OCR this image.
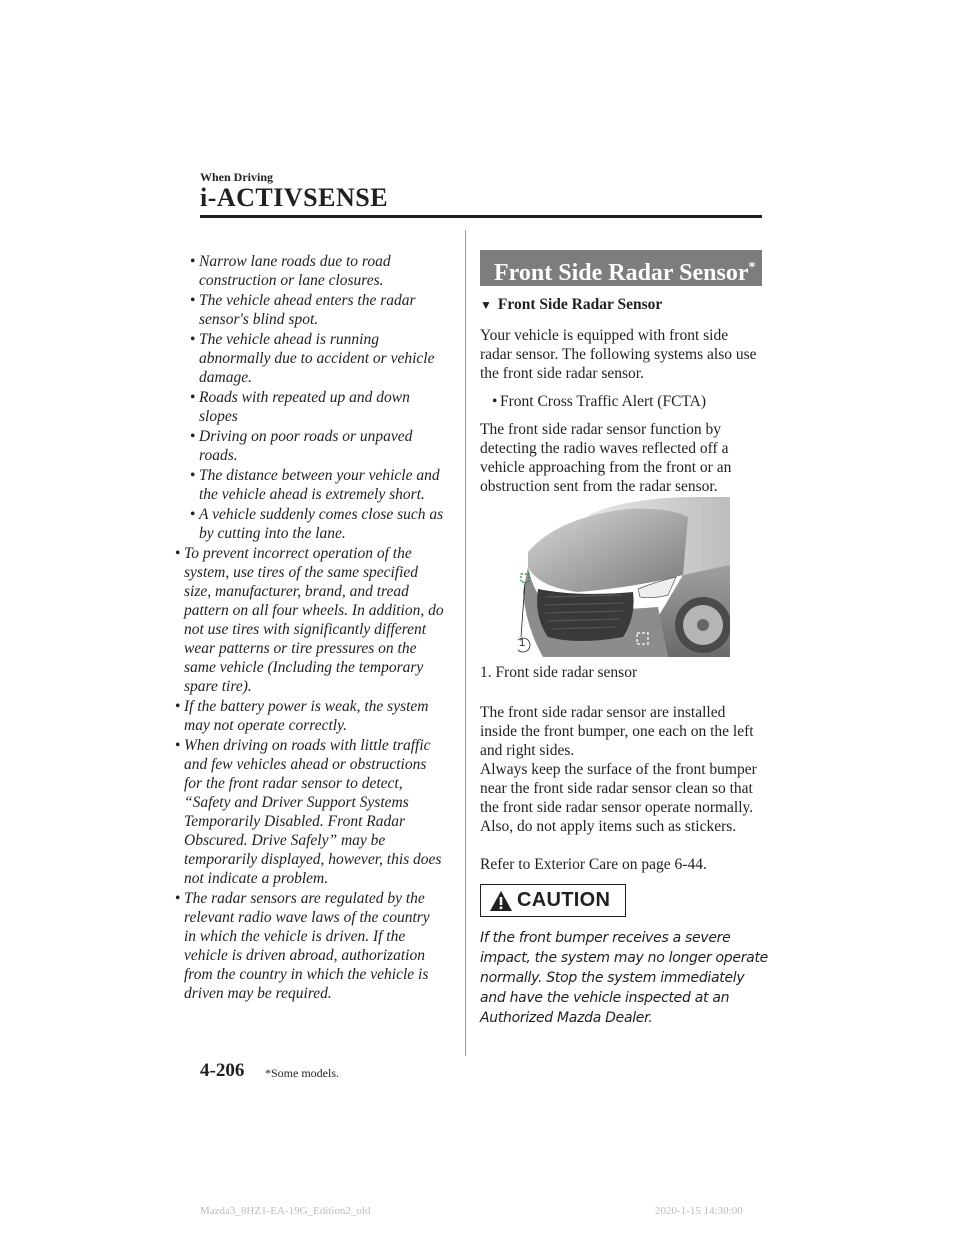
When Driving
i-ACTIVSENSE
• Narrow lane roads due to road construction or lane closures.
• The vehicle ahead enters the radar sensor's blind spot.
• The vehicle ahead is running abnormally due to accident or vehicle damage.
• Roads with repeated up and down slopes
• Driving on poor roads or unpaved roads.
• The distance between your vehicle and the vehicle ahead is extremely short.
• A vehicle suddenly comes close such as by cutting into the lane.
• To prevent incorrect operation of the system, use tires of the same specified size, manufacturer, brand, and tread pattern on all four wheels. In addition, do not use tires with significantly different wear patterns or tire pressures on the same vehicle (Including the temporary spare tire).
• If the battery power is weak, the system may not operate correctly.
• When driving on roads with little traffic and few vehicles ahead or obstructions for the front radar sensor to detect, “Safety and Driver Support Systems Temporarily Disabled. Front Radar Obscured. Drive Safely” may be temporarily displayed, however, this does not indicate a problem.
• The radar sensors are regulated by the relevant radio wave laws of the country in which the vehicle is driven. If the vehicle is driven abroad, authorization from the country in which the vehicle is driven may be required.
Front Side Radar Sensor*
▼ Front Side Radar Sensor
Your vehicle is equipped with front side radar sensor. The following systems also use the front side radar sensor.
• Front Cross Traffic Alert (FCTA)
The front side radar sensor function by detecting the radio waves reflected off a vehicle approaching from the front or an obstruction sent from the radar sensor.
1
1. Front side radar sensor
The front side radar sensor are installed inside the front bumper, one each on the left and right sides.
Always keep the surface of the front bumper near the front side radar sensor clean so that the front side radar sensor operate normally. Also, do not apply items such as stickers.
Refer to Exterior Care on page 6-44.
CAUTION
If the front bumper receives a severe impact, the system may no longer operate normally. Stop the system immediately and have the vehicle inspected at an Authorized Mazda Dealer.
4-206 *Some models.
Mazda3_8HZ1-EA-19G_Edition2_old	2020-1-15 14:30:00
